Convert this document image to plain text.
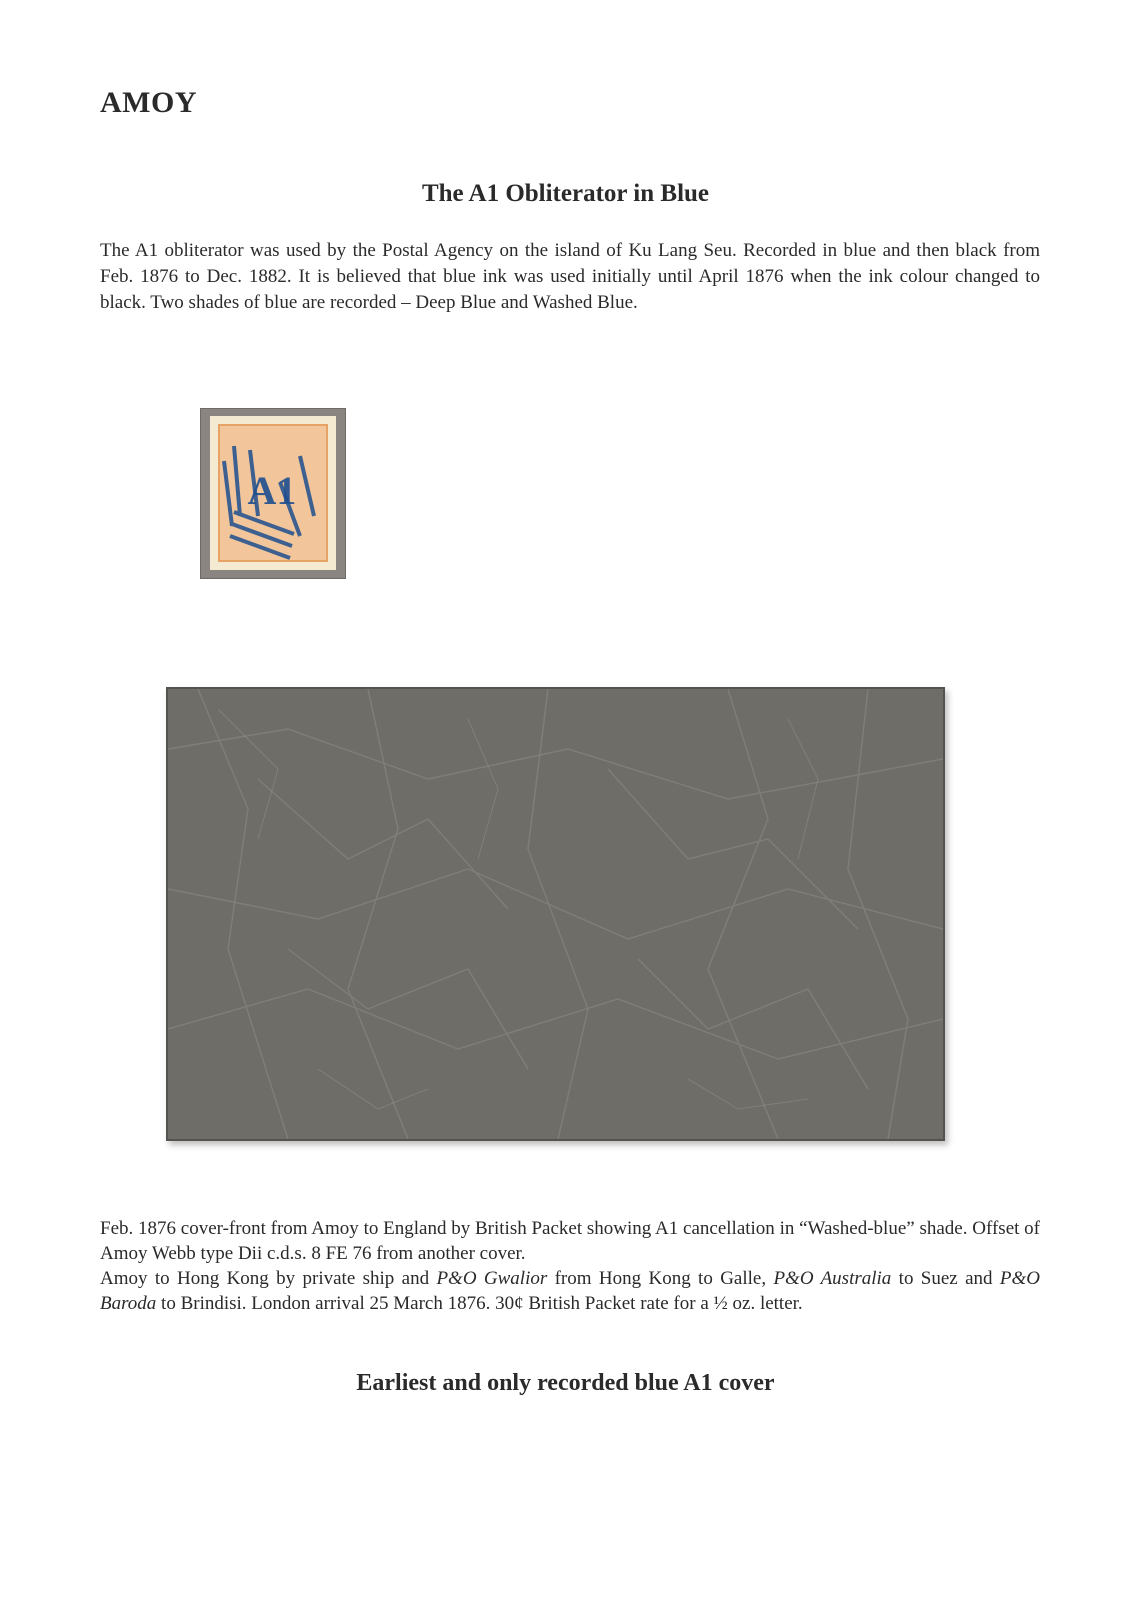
AMOY
The A1 Obliterator in Blue

The A1 obliterator was used by the Postal Agency on the island of Ku Lang Seu. Recorded in blue and then black from Feb. 1876 to Dec. 1882. It is believed that blue ink was used initially until April 1876 when the ink colour changed to black. Two shades of blue are recorded – Deep Blue and Washed Blue.

A1

Feb. 1876 cover-front from Amoy to England by British Packet showing A1 cancellation in “Washed-blue” shade. Offset of Amoy Webb type Dii c.d.s. 8 FE 76 from another cover.

Amoy to Hong Kong by private ship and P&O Gwalior from Hong Kong to Galle, P&O Australia to Suez and P&O Baroda to Brindisi. London arrival 25 March 1876. 30¢ British Packet rate for a ½ oz. letter.

Earliest and only recorded blue A1 cover
